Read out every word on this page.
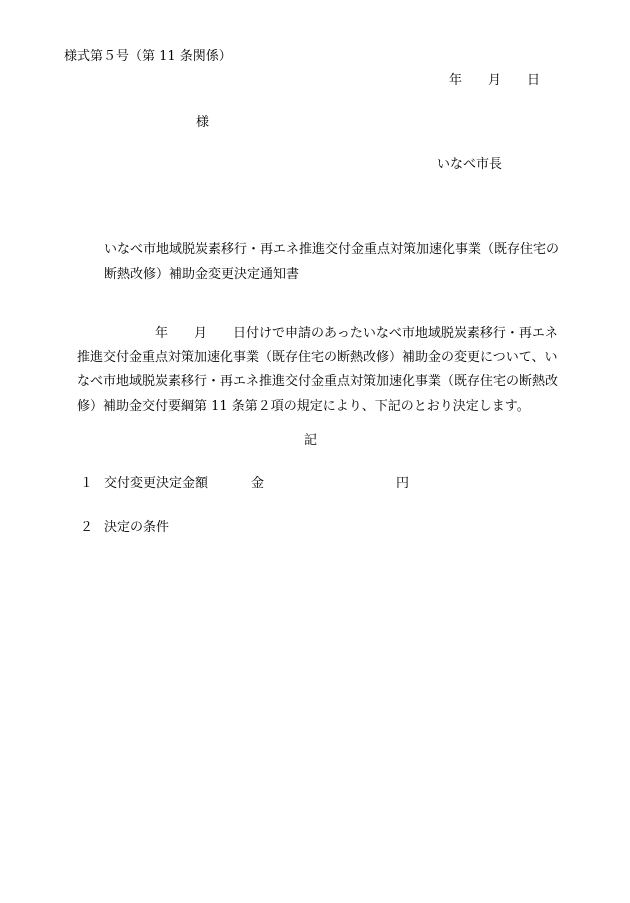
様式第５号（第 11 条関係）
年 月 日
様
いなべ市長
いなべ市地域脱炭素移行・再エネ推進交付金重点対策加速化事業（既存住宅の
断熱改修）補助金変更決定通知書
年 月 日付けで申請のあったいなべ市地域脱炭素移行・再エネ
推進交付金重点対策加速化事業（既存住宅の断熱改修）補助金の変更について、い
なべ市地域脱炭素移行・再エネ推進交付金重点対策加速化事業（既存住宅の断熱改
修）補助金交付要綱第 11 条第２項の規定により、下記のとおり決定します。
記
１ 交付変更決定金額	金	円
２ 決定の条件
